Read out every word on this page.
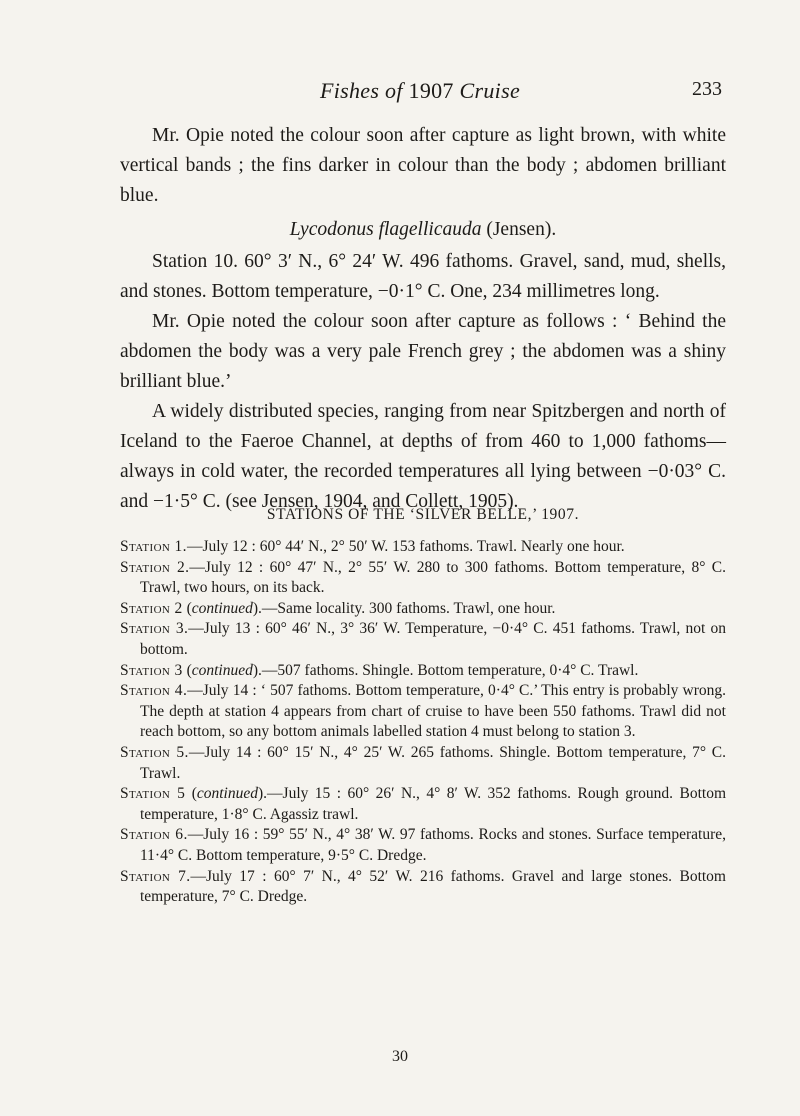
Fishes of 1907 Cruise	233

Mr. Opie noted the colour soon after capture as light brown, with white vertical bands ; the fins darker in colour than the body ; abdomen brilliant blue.

Lycodonus flagellicauda (Jensen).

Station 10. 60° 3′ N., 6° 24′ W. 496 fathoms. Gravel, sand, mud, shells, and stones. Bottom temperature, −0·1° C. One, 234 millimetres long.

Mr. Opie noted the colour soon after capture as follows : ‘ Behind the abdomen the body was a very pale French grey ; the abdomen was a shiny brilliant blue.’

A widely distributed species, ranging from near Spitzbergen and north of Iceland to the Faeroe Channel, at depths of from 460 to 1,000 fathoms—always in cold water, the recorded temperatures all lying between −0·03° C. and −1·5° C. (see Jensen, 1904, and Collett, 1905).

STATIONS OF THE ‘SILVER BELLE,’ 1907.

Station 1.—July 12 : 60° 44′ N., 2° 50′ W. 153 fathoms. Trawl. Nearly one hour.

Station 2.—July 12 : 60° 47′ N., 2° 55′ W. 280 to 300 fathoms. Bottom temperature, 8° C. Trawl, two hours, on its back.

Station 2 (continued).—Same locality. 300 fathoms. Trawl, one hour.

Station 3.—July 13 : 60° 46′ N., 3° 36′ W. Temperature, −0·4° C. 451 fathoms. Trawl, not on bottom.

Station 3 (continued).—507 fathoms. Shingle. Bottom temperature, 0·4° C. Trawl.

Station 4.—July 14 : ‘ 507 fathoms. Bottom temperature, 0·4° C.’ This entry is probably wrong. The depth at station 4 appears from chart of cruise to have been 550 fathoms. Trawl did not reach bottom, so any bottom animals labelled station 4 must belong to station 3.

Station 5.—July 14 : 60° 15′ N., 4° 25′ W. 265 fathoms. Shingle. Bottom temperature, 7° C. Trawl.

Station 5 (continued).—July 15 : 60° 26′ N., 4° 8′ W. 352 fathoms. Rough ground. Bottom temperature, 1·8° C. Agassiz trawl.

Station 6.—July 16 : 59° 55′ N., 4° 38′ W. 97 fathoms. Rocks and stones. Surface temperature, 11·4° C. Bottom temperature, 9·5° C. Dredge.

Station 7.—July 17 : 60° 7′ N., 4° 52′ W. 216 fathoms. Gravel and large stones. Bottom temperature, 7° C. Dredge.

30
